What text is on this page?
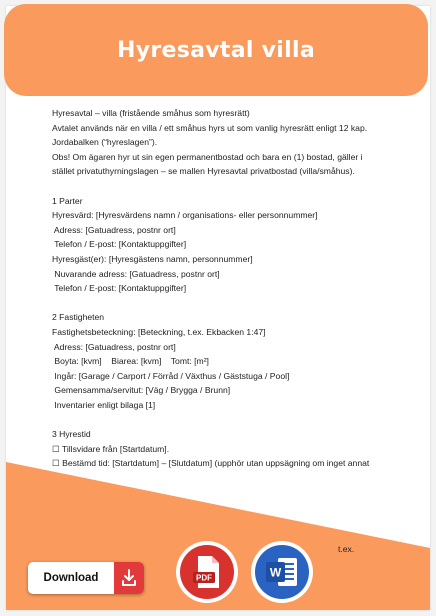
Hyresavtal villa

Hyresavtal – villa (fristående småhus som hyresrätt)

Avtalet används när en villa / ett småhus hyrs ut som vanlig hyresrätt enligt 12 kap.

Jordabalken (“hyreslagen”).

Obs! Om ägaren hyr ut sin egen permanentbostad och bara en (1) bostad, gäller i

stället privatuthyrningslagen – se mallen Hyresavtal privatbostad (villa/småhus).

1 Parter

Hyresvärd: [Hyresvärdens namn / organisations- eller personnummer]

Adress: [Gatuadress, postnr ort]

Telefon / E-post: [Kontaktuppgifter]

Hyresgäst(er): [Hyresgästens namn, personnummer]

Nuvarande adress: [Gatuadress, postnr ort]

Telefon / E-post: [Kontaktuppgifter]

2 Fastigheten

Fastighetsbeteckning: [Beteckning, t.ex. Ekbacken 1:47]

Adress: [Gatuadress, postnr ort]

Boyta: [kvm]    Biarea: [kvm]    Tomt: [m²]

Ingår: [Garage / Carport / Förråd / Växthus / Gäststuga / Pool]

Gemensamma/servitut: [Väg / Brygga / Brunn]

Inventarier enligt bilaga [1]

3 Hyrestid

☐ Tillsvidare från [Startdatum].

☐ Bestämd tid: [Startdatum] – [Slutdatum] (upphör utan uppsägning om inget annat

t.ex.
Download	PDF	W
